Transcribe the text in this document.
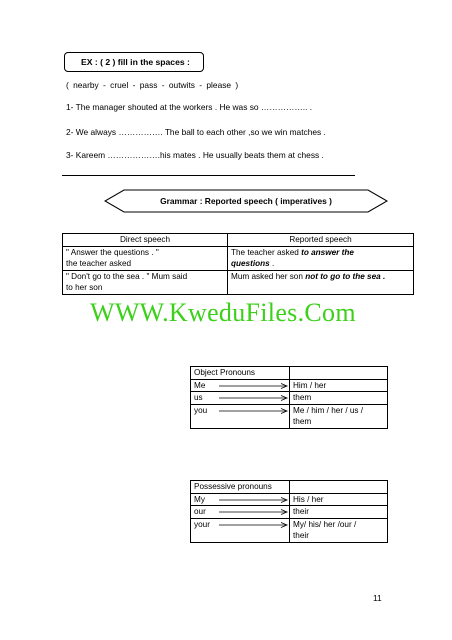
EX : ( 2 ) fill in the spaces :
( nearby - cruel - pass - outwits - please )
1- The manager shouted at the workers . He was so …………….. .
2- We always ……………. The ball to each other ,so we win matches .
3- Kareem ……………….his mates . He usually beats them at chess .
Grammar : Reported speech ( imperatives )
Direct speech	Reported speech
" Answer the questions . "
the teacher asked	The teacher asked to answer the
questions .
" Don't go to the sea . " Mum said
to her son	Mum asked her son not to go to the sea .
WWW.KweduFiles.Com
Object Pronouns	
Me	Him / her
us	them
you	Me / him / her / us /
them
Possessive pronouns	
My	His / her
our	their
your	My/ his/ her /our /
their
11
